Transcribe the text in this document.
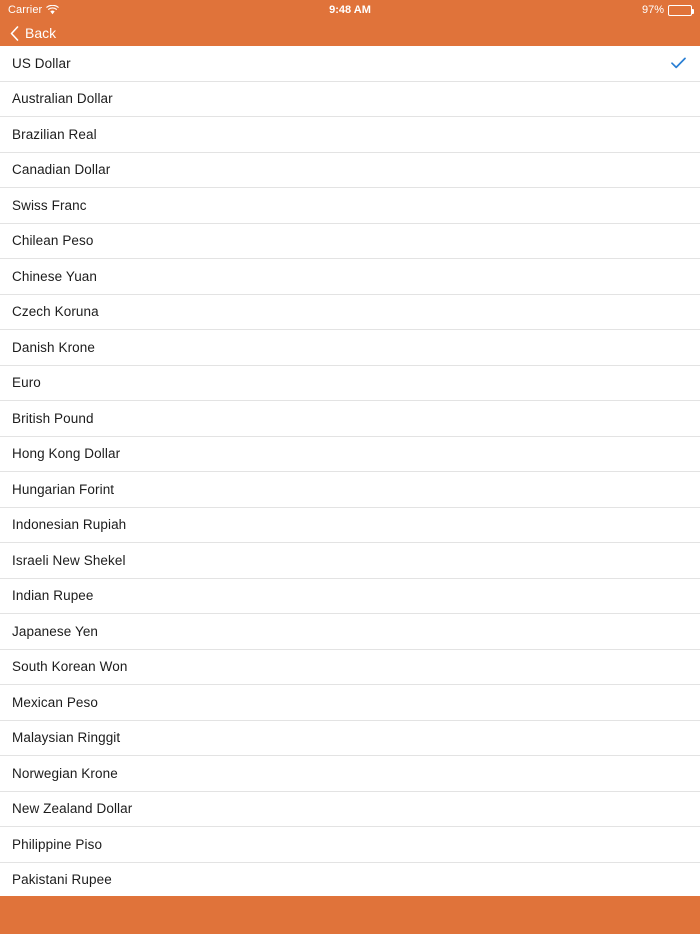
Carrier	9:48 AM	97%
Back
US Dollar
Australian Dollar
Brazilian Real
Canadian Dollar
Swiss Franc
Chilean Peso
Chinese Yuan
Czech Koruna
Danish Krone
Euro
British Pound
Hong Kong Dollar
Hungarian Forint
Indonesian Rupiah
Israeli New Shekel
Indian Rupee
Japanese Yen
South Korean Won
Mexican Peso
Malaysian Ringgit
Norwegian Krone
New Zealand Dollar
Philippine Piso
Pakistani Rupee
